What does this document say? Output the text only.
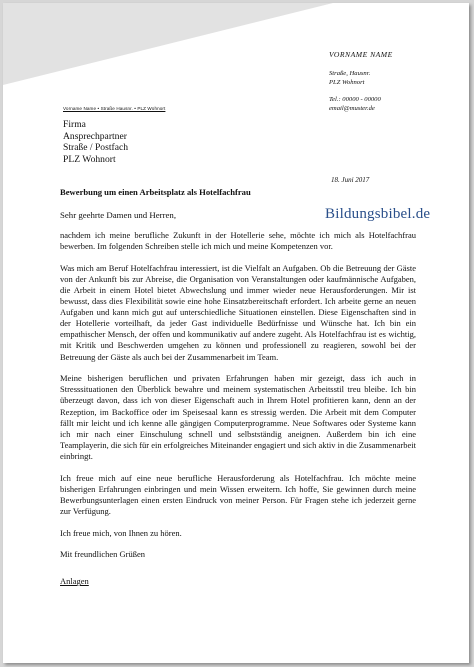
VORNAME NAME
Straße, Hausnr.
PLZ Wohnort
Tel.: 00000 - 00000
email@muster.de
Vorname Name • Straße Hausnr. • PLZ Wohnort
Firma
Ansprechpartner
Straße / Postfach
PLZ Wohnort
18. Juni 2017
Bewerbung um einen Arbeitsplatz als Hotelfachfrau
Sehr geehrte Damen und Herren,	Bildungsbibel.de

nachdem ich meine berufliche Zukunft in der Hotellerie sehe, möchte ich mich als Hotelfachfrau bewerben. Im folgenden Schreiben stelle ich mich und meine Kompetenzen vor.

Was mich am Beruf Hotelfachfrau interessiert, ist die Vielfalt an Aufgaben. Ob die Betreuung der Gäste von der Ankunft bis zur Abreise, die Organisation von Veranstaltungen oder kaufmännische Aufgaben, die Arbeit in einem Hotel bietet Abwechslung und immer wieder neue Herausforderungen. Mir ist bewusst, dass dies Flexibilität sowie eine hohe Einsatzbereitschaft erfordert. Ich arbeite gerne an neuen Aufgaben und kann mich gut auf unterschiedliche Situationen einstellen. Diese Eigenschaften sind in der Hotellerie vorteilhaft, da jeder Gast individuelle Bedürfnisse und Wünsche hat. Ich bin ein empathischer Mensch, der offen und kommunikativ auf andere zugeht. Als Hotelfachfrau ist es wichtig, mit Kritik und Beschwerden umgehen zu können und professionell zu reagieren, sowohl bei der Betreuung der Gäste als auch bei der Zusammenarbeit im Team.

Meine bisherigen beruflichen und privaten Erfahrungen haben mir gezeigt, dass ich auch in Stresssituationen den Überblick bewahre und meinem systematischen Arbeitsstil treu bleibe. Ich bin überzeugt davon, dass ich von dieser Eigenschaft auch in Ihrem Hotel profitieren kann, denn an der Rezeption, im Backoffice oder im Speisesaal kann es stressig werden. Die Arbeit mit dem Computer fällt mir leicht und ich kenne alle gängigen Computerprogramme. Neue Softwares oder Systeme kann ich mir nach einer Einschulung schnell und selbstständig aneignen. Außerdem bin ich eine Teamplayerin, die sich für ein erfolgreiches Miteinander engagiert und sich aktiv in die Zusammenarbeit einbringt.

Ich freue mich auf eine neue berufliche Herausforderung als Hotelfachfrau. Ich möchte meine bisherigen Erfahrungen einbringen und mein Wissen erweitern. Ich hoffe, Sie gewinnen durch meine Bewerbungsunterlagen einen ersten Eindruck von meiner Person. Für Fragen stehe ich jederzeit gerne zur Verfügung.

Ich freue mich, von Ihnen zu hören.

Mit freundlichen Grüßen

Anlagen
